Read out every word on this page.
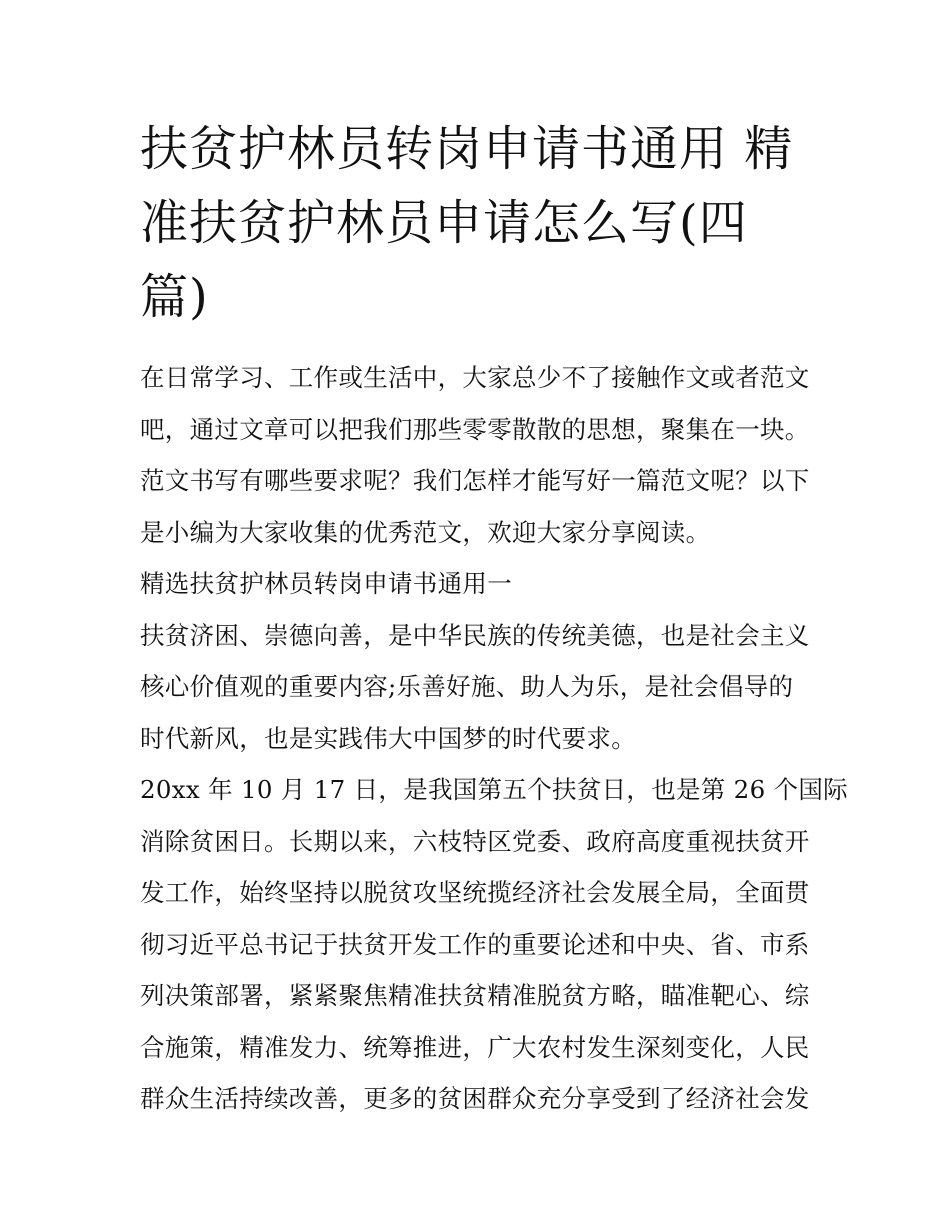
扶贫护林员转岗申请书通用 精
准扶贫护林员申请怎么写(四
篇)
在日常学习、工作或生活中，大家总少不了接触作文或者范文
吧，通过文章可以把我们那些零零散散的思想，聚集在一块。
范文书写有哪些要求呢？我们怎样才能写好一篇范文呢？以下
是小编为大家收集的优秀范文，欢迎大家分享阅读。
精选扶贫护林员转岗申请书通用一
扶贫济困、崇德向善，是中华民族的传统美德，也是社会主义
核心价值观的重要内容;乐善好施、助人为乐，是社会倡导的
时代新风，也是实践伟大中国梦的时代要求。
20xx 年 10 月 17 日，是我国第五个扶贫日，也是第 26 个国际
消除贫困日。长期以来，六枝特区党委、政府高度重视扶贫开
发工作，始终坚持以脱贫攻坚统揽经济社会发展全局，全面贯
彻习近平总书记于扶贫开发工作的重要论述和中央、省、市系
列决策部署，紧紧聚焦精准扶贫精准脱贫方略，瞄准靶心、综
合施策，精准发力、统筹推进，广大农村发生深刻变化，人民
群众生活持续改善，更多的贫困群众充分享受到了经济社会发
